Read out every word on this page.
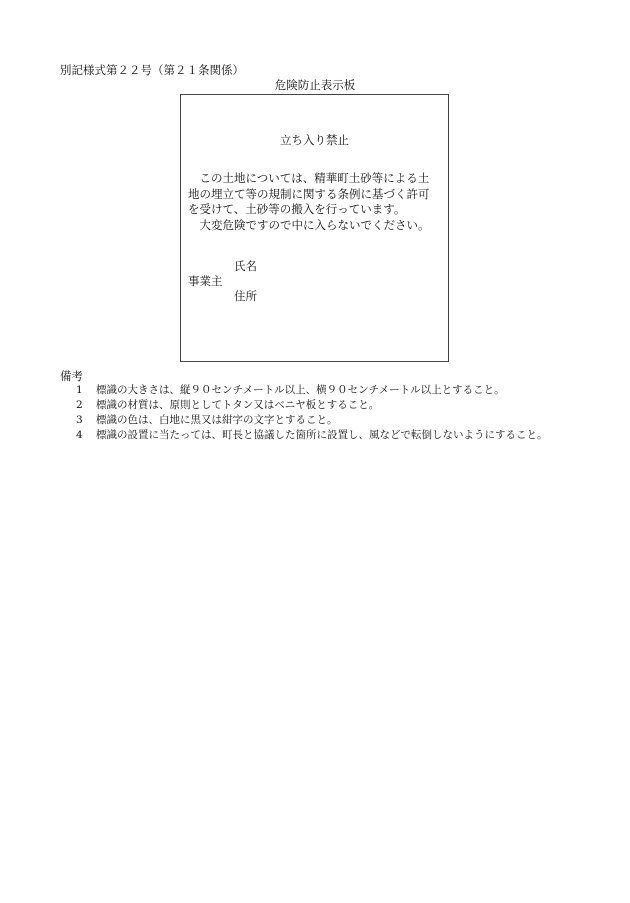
別記様式第２２号（第２１条関係）
危険防止表示板
立ち入り禁止
　この土地については、精華町土砂等による土
地の埋立て等の規制に関する条例に基づく許可
を受けて、土砂等の搬入を行っています。
　大変危険ですので中に入らないでください。
氏名
事業主
住所
備考
1	標識の大きさは、縦９０センチメートル以上、横９０センチメートル以上とすること。
2	標識の材質は、原則としてトタン又はベニヤ板とすること。
3	標識の色は、白地に黒又は紺字の文字とすること。
4	標識の設置に当たっては、町長と協議した箇所に設置し、風などで転倒しないようにすること。
